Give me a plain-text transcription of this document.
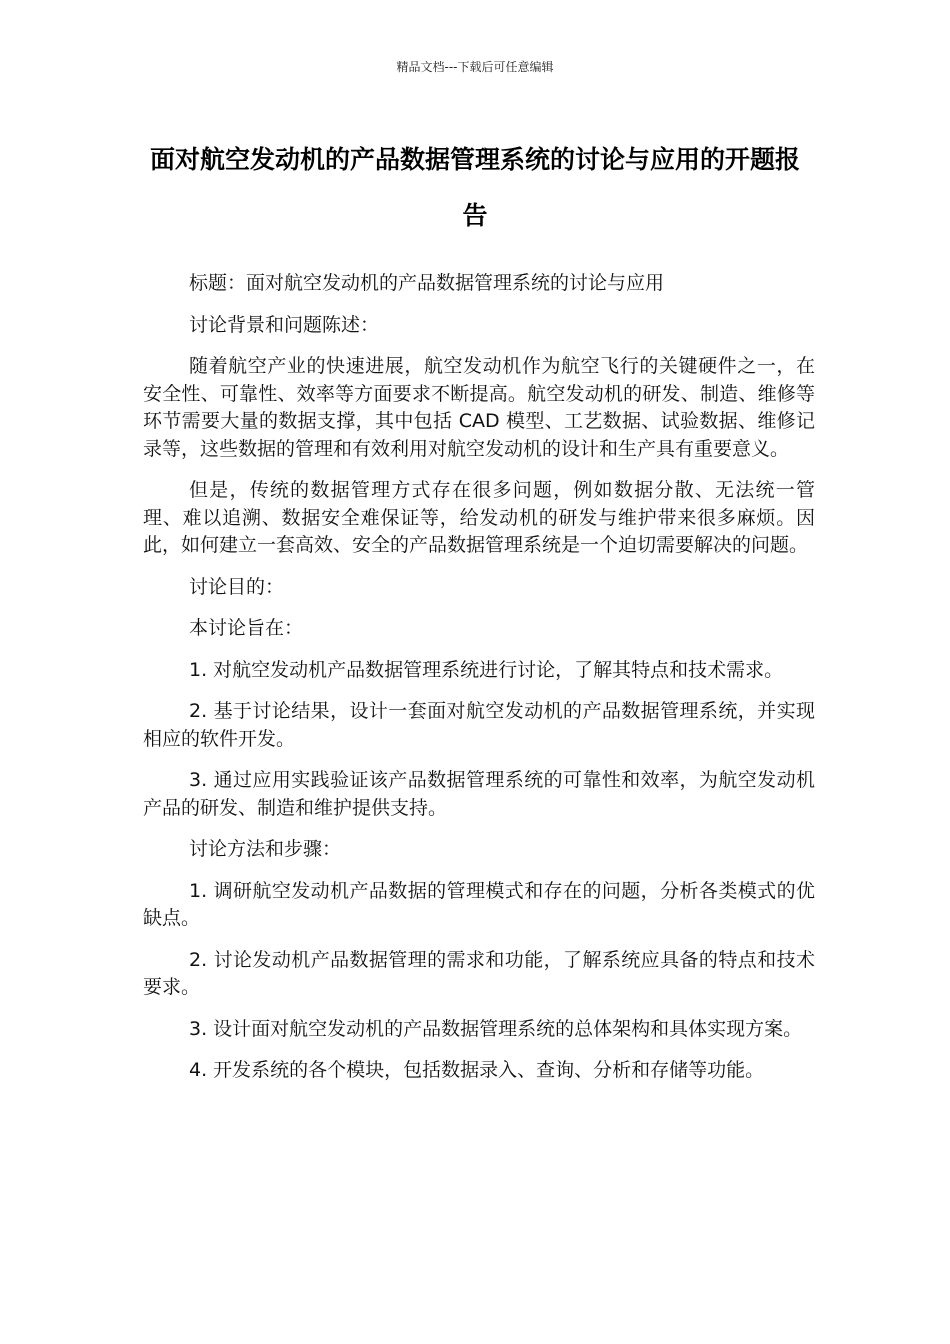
精品文档---下载后可任意编辑
面对航空发动机的产品数据管理系统的讨论与应用的开题报告

标题：面对航空发动机的产品数据管理系统的讨论与应用

讨论背景和问题陈述：

随着航空产业的快速进展，航空发动机作为航空飞行的关键硬件之一，在安全性、可靠性、效率等方面要求不断提高。航空发动机的研发、制造、维修等环节需要大量的数据支撑，其中包括 CAD 模型、工艺数据、试验数据、维修记录等，这些数据的管理和有效利用对航空发动机的设计和生产具有重要意义。

但是，传统的数据管理方式存在很多问题，例如数据分散、无法统一管理、难以追溯、数据安全难保证等，给发动机的研发与维护带来很多麻烦。因此，如何建立一套高效、安全的产品数据管理系统是一个迫切需要解决的问题。

讨论目的：

本讨论旨在：

1. 对航空发动机产品数据管理系统进行讨论，了解其特点和技术需求。

2. 基于讨论结果，设计一套面对航空发动机的产品数据管理系统，并实现相应的软件开发。

3. 通过应用实践验证该产品数据管理系统的可靠性和效率，为航空发动机产品的研发、制造和维护提供支持。

讨论方法和步骤：

1. 调研航空发动机产品数据的管理模式和存在的问题，分析各类模式的优缺点。

2. 讨论发动机产品数据管理的需求和功能，了解系统应具备的特点和技术要求。

3. 设计面对航空发动机的产品数据管理系统的总体架构和具体实现方案。

4. 开发系统的各个模块，包括数据录入、查询、分析和存储等功能。
